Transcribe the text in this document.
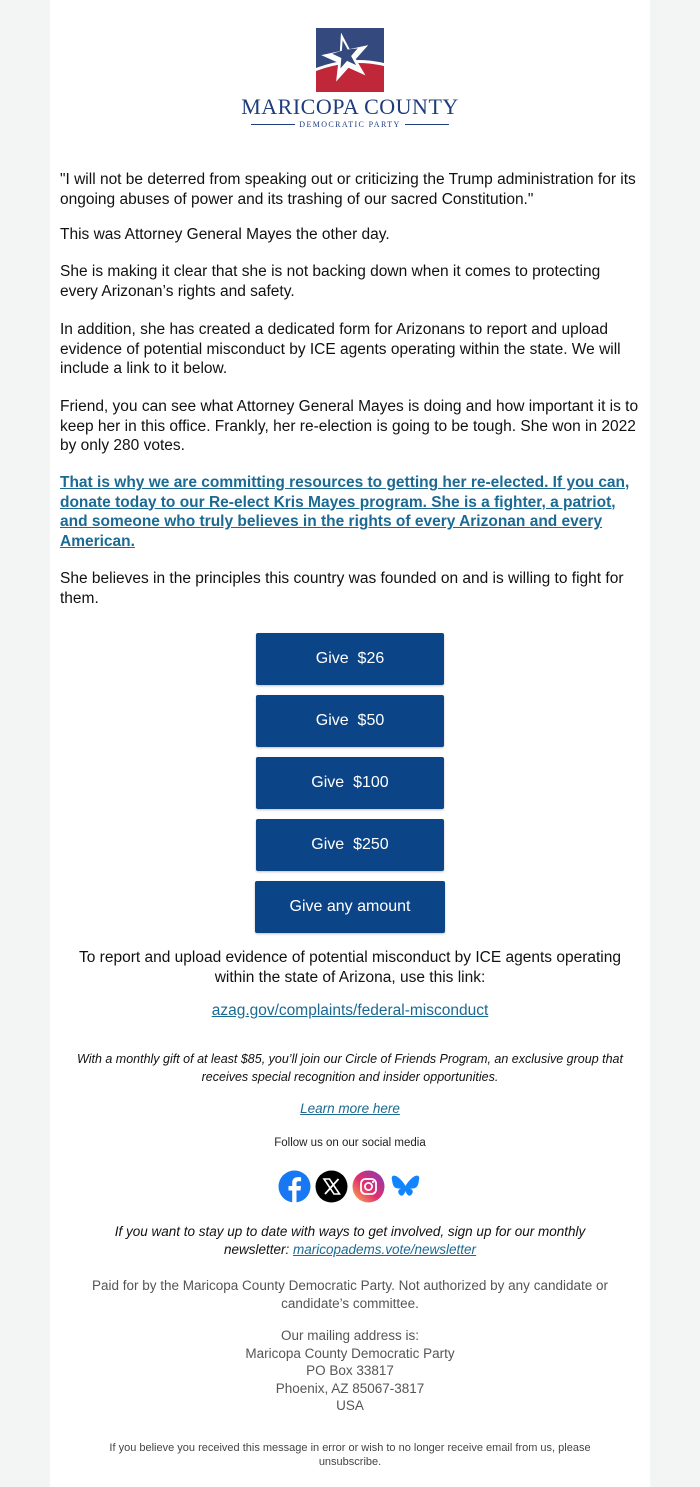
MARICOPA COUNTY
DEMOCRATIC PARTY

"I will not be deterred from speaking out or criticizing the Trump administration for its ongoing abuses of power and its trashing of our sacred Constitution."

This was Attorney General Mayes the other day.

She is making it clear that she is not backing down when it comes to protecting every Arizonan’s rights and safety.

In addition, she has created a dedicated form for Arizonans to report and upload evidence of potential misconduct by ICE agents operating within the state. We will include a link to it below.

Friend, you can see what Attorney General Mayes is doing and how important it is to keep her in this office. Frankly, her re-election is going to be tough. She won in 2022 by only 280 votes.

That is why we are committing resources to getting her re-elected. If you can, donate today to our Re-elect Kris Mayes program. She is a fighter, a patriot, and someone who truly believes in the rights of every Arizonan and every American.

She believes in the principles this country was founded on and is willing to fight for them.

Give  $26
Give  $50
Give  $100
Give  $250
Give any amount

To report and upload evidence of potential misconduct by ICE agents operating within the state of Arizona, use this link:

azag.gov/complaints/federal-misconduct

With a monthly gift of at least $85, you’ll join our Circle of Friends Program, an exclusive group that receives special recognition and insider opportunities.

Learn more here

Follow us on our social media

If you want to stay up to date with ways to get involved, sign up for our monthly newsletter: maricopadems.vote/newsletter

Paid for by the Maricopa County Democratic Party. Not authorized by any candidate or candidate’s committee.

Our mailing address is:
Maricopa County Democratic Party
PO Box 33817
Phoenix, AZ 85067-3817
USA

If you believe you received this message in error or wish to no longer receive email from us, please unsubscribe.
